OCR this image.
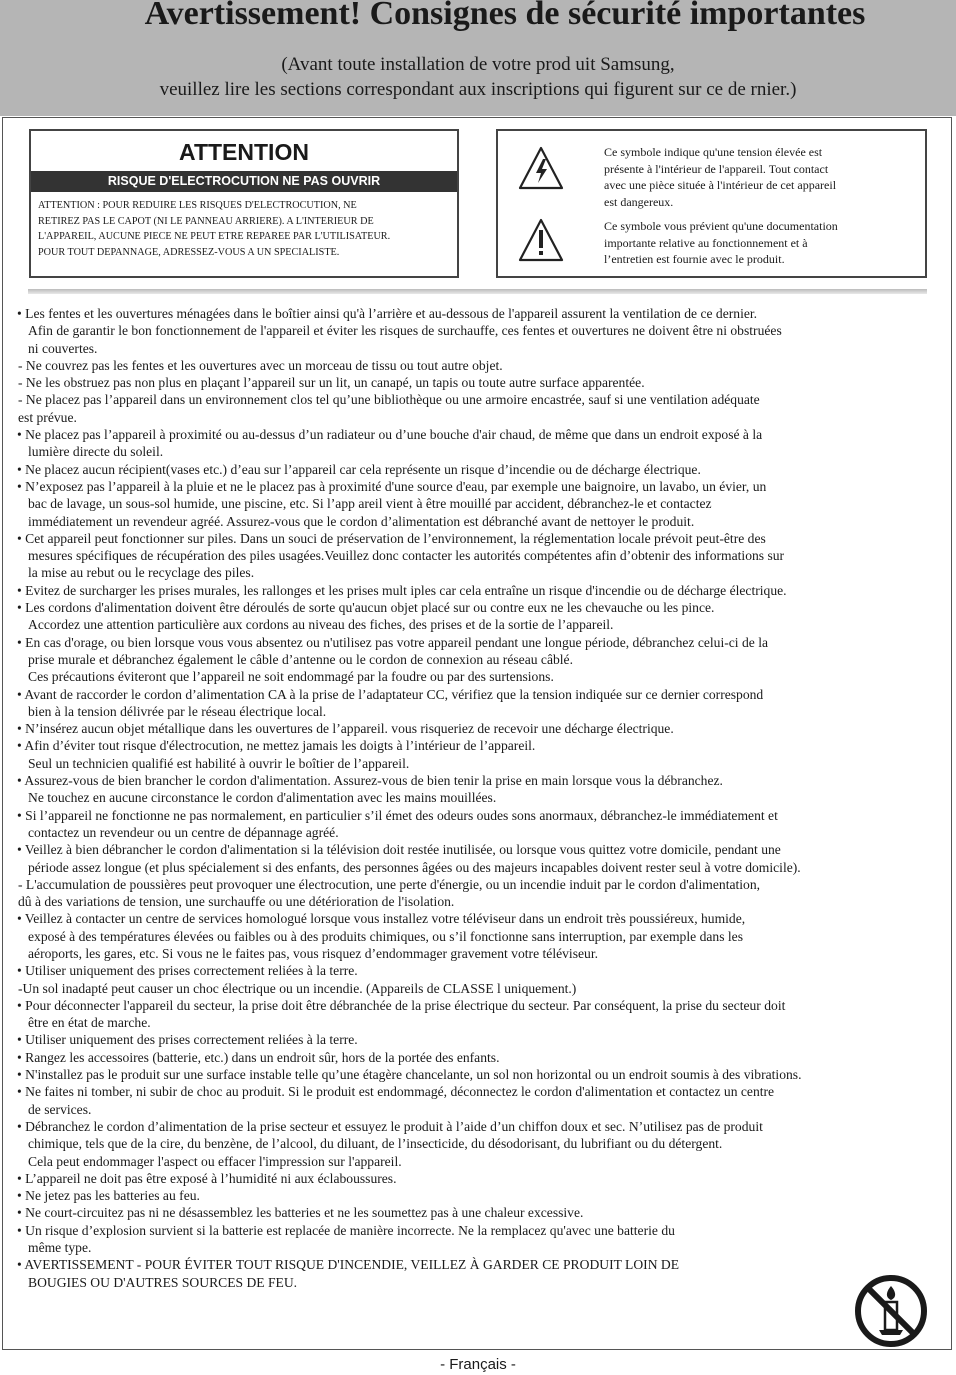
Avertissement! Consignes de sécurité importantes

(Avant toute installation de votre prod uit Samsung,
veuillez lire les sections correspondant aux inscriptions qui figurent sur ce de rnier.)

ATTENTION

RISQUE D'ELECTROCUTION NE PAS OUVRIR

ATTENTION : POUR REDUIRE LES RISQUES D'ELECTROCUTION, NE
RETIREZ PAS LE CAPOT (NI LE PANNEAU ARRIERE). A L'INTERIEUR DE
L'APPAREIL, AUCUNE PIECE NE PEUT ETRE REPAREE PAR L'UTILISATEUR.
POUR TOUT DEPANNAGE, ADRESSEZ-VOUS A UN SPECIALISTE.

Ce symbole indique qu'une tension élevée est
présente à l'intérieur de l'appareil. Tout contact
avec une pièce située à l'intérieur de cet appareil
est dangereux.

Ce symbole vous prévient qu'une documentation
importante relative au fonctionnement et à
l’entretien est fournie avec le produit.

• Les fentes et les ouvertures ménagées dans le boîtier ainsi qu'à l’arrière et au-dessous de l'appareil assurent la ventilation de ce dernier.
Afin de garantir le bon fonctionnement de l'appareil et éviter les risques de surchauffe, ces fentes et ouvertures ne doivent être ni obstruées
ni couvertes.
- Ne couvrez pas les fentes et les ouvertures avec un morceau de tissu ou tout autre objet.
- Ne les obstruez pas non plus en plaçant l’appareil sur un lit, un canapé, un tapis ou toute autre surface apparentée.
- Ne placez pas l’appareil dans un environnement clos tel qu’une bibliothèque ou une armoire encastrée, sauf si une ventilation adéquate
est prévue.
• Ne placez pas l’appareil à proximité ou au-dessus d’un radiateur ou d’une bouche d'air chaud, de même que dans un endroit exposé à la
lumière directe du soleil.
• Ne placez aucun récipient(vases etc.) d’eau sur l’appareil car cela représente un risque d’incendie ou de décharge électrique.
• N’exposez pas l’appareil à la pluie et ne le placez pas à proximité d'une source d'eau, par exemple une baignoire, un lavabo, un évier, un
bac de lavage, un sous-sol humide, une piscine, etc. Si l’app areil vient à être mouillé par accident, débranchez-le et contactez
immédiatement un revendeur agréé. Assurez-vous que le cordon d’alimentation est débranché avant de nettoyer le produit.
• Cet appareil peut fonctionner sur piles. Dans un souci de préservation de l’environnement, la réglementation locale prévoit peut-être des
mesures spécifiques de récupération des piles usagées.Veuillez donc contacter les autorités compétentes afin d’obtenir des informations sur
la mise au rebut ou le recyclage des piles.
• Evitez de surcharger les prises murales, les rallonges et les prises mult iples car cela entraîne un risque d'incendie ou de décharge électrique.
• Les cordons d'alimentation doivent être déroulés de sorte qu'aucun objet placé sur ou contre eux ne les chevauche ou les pince.
Accordez une attention particulière aux cordons au niveau des fiches, des prises et de la sortie de l’appareil.
• En cas d'orage, ou bien lorsque vous vous absentez ou n'utilisez pas votre appareil pendant une longue période, débranchez celui-ci de la
prise murale et débranchez également le câble d’antenne ou le cordon de connexion au réseau câblé.
Ces précautions éviteront que l’appareil ne soit endommagé par la foudre ou par des surtensions.
• Avant de raccorder le cordon d’alimentation CA à la prise de l’adaptateur CC, vérifiez que la tension indiquée sur ce dernier correspond
bien à la tension délivrée par le réseau électrique local.
• N’insérez aucun objet métallique dans les ouvertures de l’appareil. vous risqueriez de recevoir une décharge électrique.
• Afin d’éviter tout risque d'électrocution, ne mettez jamais les doigts à l’intérieur de l’appareil.
Seul un technicien qualifié est habilité à ouvrir le boîtier de l’appareil.
• Assurez-vous de bien brancher le cordon d'alimentation. Assurez-vous de bien tenir la prise en main lorsque vous la débranchez.
Ne touchez en aucune circonstance le cordon d'alimentation avec les mains mouillées.
• Si l’appareil ne fonctionne ne pas normalement, en particulier s’il émet des odeurs oudes sons anormaux, débranchez-le immédiatement et
contactez un revendeur ou un centre de dépannage agréé.
• Veillez à bien débrancher le cordon d'alimentation si la télévision doit restée inutilisée, ou lorsque vous quittez votre domicile, pendant une
période assez longue (et plus spécialement si des enfants, des personnes âgées ou des majeurs incapables doivent rester seul à votre domicile).
- L'accumulation de poussières peut provoquer une électrocution, une perte d'énergie, ou un incendie induit par le cordon d'alimentation,
dû à des variations de tension, une surchauffe ou une détérioration de l'isolation.
• Veillez à contacter un centre de services homologué lorsque vous installez votre téléviseur dans un endroit très poussiéreux, humide,
exposé à des températures élevées ou faibles ou à des produits chimiques, ou s’il fonctionne sans interruption, par exemple dans les
aéroports, les gares, etc. Si vous ne le faites pas, vous risquez d’endommager gravement votre téléviseur.
• Utiliser uniquement des prises correctement reliées à la terre.
-Un sol inadapté peut causer un choc électrique ou un incendie. (Appareils de CLASSE l uniquement.)
• Pour déconnecter l'appareil du secteur, la prise doit être débranchée de la prise électrique du secteur. Par conséquent, la prise du secteur doit
être en état de marche.
• Utiliser uniquement des prises correctement reliées à la terre.
• Rangez les accessoires (batterie, etc.) dans un endroit sûr, hors de la portée des enfants.
• N'installez pas le produit sur une surface instable telle qu’une étagère chancelante, un sol non horizontal ou un endroit soumis à des vibrations.
• Ne faites ni tomber, ni subir de choc au produit. Si le produit est endommagé, déconnectez le cordon d'alimentation et contactez un centre
de services.
• Débranchez le cordon d’alimentation de la prise secteur et essuyez le produit à l’aide d’un chiffon doux et sec. N’utilisez pas de produit
chimique, tels que de la cire, du benzène, de l’alcool, du diluant, de l’insecticide, du désodorisant, du lubrifiant ou du détergent.
Cela peut endommager l'aspect ou effacer l'impression sur l'appareil.
• L’appareil ne doit pas être exposé à l’humidité ni aux éclaboussures.
• Ne jetez pas les batteries au feu.
• Ne court-circuitez pas ni ne désassemblez les batteries et ne les soumettez pas à une chaleur excessive.
• Un risque d’explosion survient si la batterie est replacée de manière incorrecte. Ne la remplacez qu'avec une batterie du
même type.
• AVERTISSEMENT - POUR ÉVITER TOUT RISQUE D'INCENDIE, VEILLEZ À GARDER CE PRODUIT LOIN DE
BOUGIES OU D'AUTRES SOURCES DE FEU.

- Français -
